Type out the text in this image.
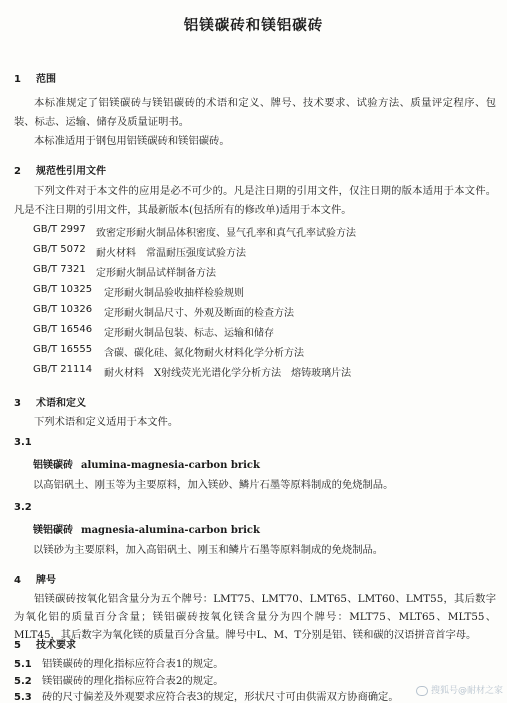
铝镁碳砖和镁铝碳砖
1 范围
本标准规定了铝镁碳砖与镁铝碳砖的术语和定义、牌号、技术要求、试验方法、质量评定程序、包装、标志、运输、储存及质量证明书。
本标准适用于钢包用铝镁碳砖和镁铝碳砖。
2 规范性引用文件
下列文件对于本文件的应用是必不可少的。凡是注日期的引用文件，仅注日期的版本适用于本文件。凡是不注日期的引用文件，其最新版本(包括所有的修改单)适用于本文件。
GB/T 2997 致密定形耐火制品体积密度、显气孔率和真气孔率试验方法
GB/T 5072 耐火材料　常温耐压强度试验方法
GB/T 7321 定形耐火制品试样制备方法
GB/T 10325 定形耐火制品验收抽样检验规则
GB/T 10326 定形耐火制品尺寸、外观及断面的检查方法
GB/T 16546 定形耐火制品包装、标志、运输和储存
GB/T 16555 含碳、碳化硅、氮化物耐火材料化学分析方法
GB/T 21114 耐火材料　X射线荧光光谱化学分析方法　熔铸玻璃片法
3 术语和定义
下列术语和定义适用于本文件。
3.1
铝镁碳砖 alumina-magnesia-carbon brick
以高铝矾土、刚玉等为主要原料，加入镁砂、鳞片石墨等原料制成的免烧制品。
3.2
镁铝碳砖 magnesia-alumina-carbon brick
以镁砂为主要原料，加入高铝矾土、刚玉和鳞片石墨等原料制成的免烧制品。
4 牌号
铝镁碳砖按氧化铝含量分为五个牌号：LMT75、LMT70、LMT65、LMT60、LMT55，其后数字为氧化铝的质量百分含量；镁铝碳砖按氧化镁含量分为四个牌号：MLT75、MLT65、MLT55、MLT45，其后数字为氧化镁的质量百分含量。牌号中L、M、T分别是铝、镁和碳的汉语拼音首字母。
5 技术要求
5.1 铝镁碳砖的理化指标应符合表1的规定。
5.2 镁铝碳砖的理化指标应符合表2的规定。
5.3 砖的尺寸偏差及外观要求应符合表3的规定，形状尺寸可由供需双方协商确定。	搜狐号@耐材之家
